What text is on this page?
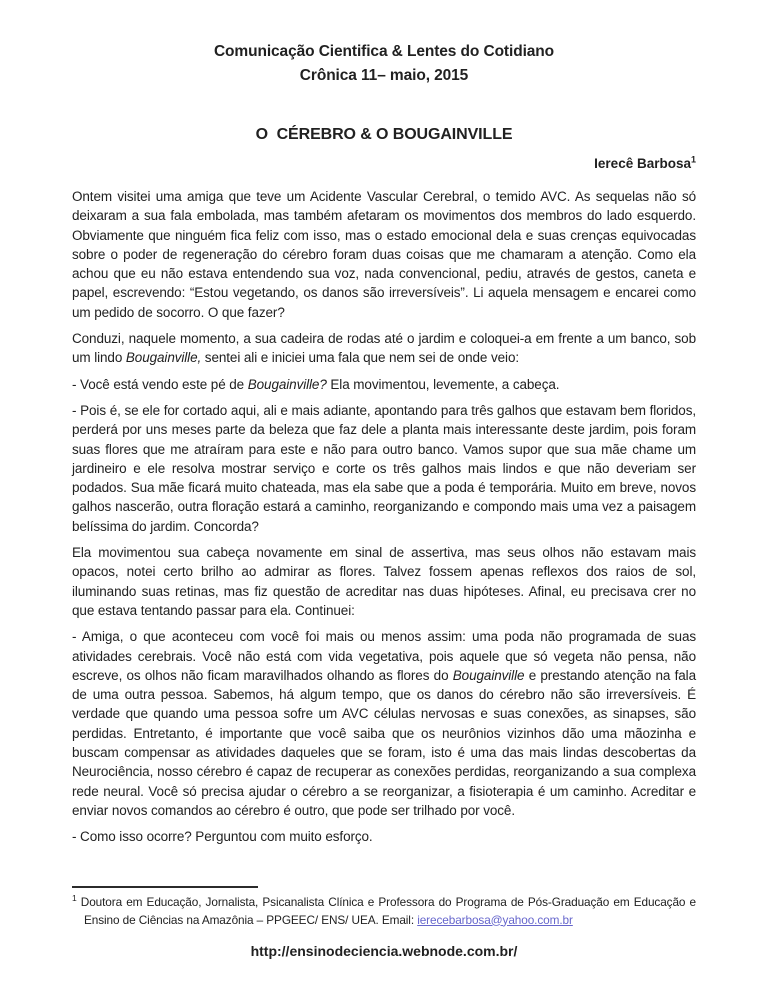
Comunicação Cientifica & Lentes do Cotidiano
Crônica 11– maio, 2015
O  CÉREBRO & O BOUGAINVILLE
Ierecê Barbosa$^1$

Ontem visitei uma amiga que teve um Acidente Vascular Cerebral, o temido AVC. As sequelas não só deixaram a sua fala embolada, mas também afetaram os movimentos dos membros do lado esquerdo. Obviamente que ninguém fica feliz com isso, mas o estado emocional dela e suas crenças equivocadas sobre o poder de regeneração do cérebro foram duas coisas que me chamaram a atenção. Como ela achou que eu não estava entendendo sua voz, nada convencional, pediu, através de gestos, caneta e papel, escrevendo: “Estou vegetando, os danos são irreversíveis”. Li aquela mensagem e encarei como um pedido de socorro. O que fazer?

Conduzi, naquele momento, a sua cadeira de rodas até o jardim e coloquei-a em frente a um banco, sob um lindo Bougainville, sentei ali e iniciei uma fala que nem sei de onde veio:

- Você está vendo este pé de Bougainville? Ela movimentou, levemente, a cabeça.

- Pois é, se ele for cortado aqui, ali e mais adiante, apontando para três galhos que estavam bem floridos, perderá por uns meses parte da beleza que faz dele a planta mais interessante deste jardim, pois foram suas flores que me atraíram para este e não para outro banco. Vamos supor que sua mãe chame um jardineiro e ele resolva mostrar serviço e corte os três galhos mais lindos e que não deveriam ser podados. Sua mãe ficará muito chateada, mas ela sabe que a poda é temporária. Muito em breve, novos galhos nascerão, outra floração estará a caminho, reorganizando e compondo mais uma vez a paisagem belíssima do jardim. Concorda?

Ela movimentou sua cabeça novamente em sinal de assertiva, mas seus olhos não estavam mais opacos, notei certo brilho ao admirar as flores. Talvez fossem apenas reflexos dos raios de sol, iluminando suas retinas, mas fiz questão de acreditar nas duas hipóteses. Afinal, eu precisava crer no que estava tentando passar para ela. Continuei:

- Amiga, o que aconteceu com você foi mais ou menos assim: uma poda não programada de suas atividades cerebrais. Você não está com vida vegetativa, pois aquele que só vegeta não pensa, não escreve, os olhos não ficam maravilhados olhando as flores do Bougainville e prestando atenção na fala de uma outra pessoa. Sabemos, há algum tempo, que os danos do cérebro não são irreversíveis. É verdade que quando uma pessoa sofre um AVC células nervosas e suas conexões, as sinapses, são perdidas. Entretanto, é importante que você saiba que os neurônios vizinhos dão uma mãozinha e buscam compensar as atividades daqueles que se foram, isto é uma das mais lindas descobertas da Neurociência, nosso cérebro é capaz de recuperar as conexões perdidas, reorganizando a sua complexa rede neural. Você só precisa ajudar o cérebro a se reorganizar, a fisioterapia é um caminho. Acreditar e enviar novos comandos ao cérebro é outro, que pode ser trilhado por você.

- Como isso ocorre? Perguntou com muito esforço.

$^1$ Doutora em Educação, Jornalista, Psicanalista Clínica e Professora do Programa de Pós-Graduação em Educação e Ensino de Ciências na Amazônia – PPGEEC/ ENS/ UEA. Email: ierecebarbosa@yahoo.com.br
http://ensinodeciencia.webnode.com.br/
